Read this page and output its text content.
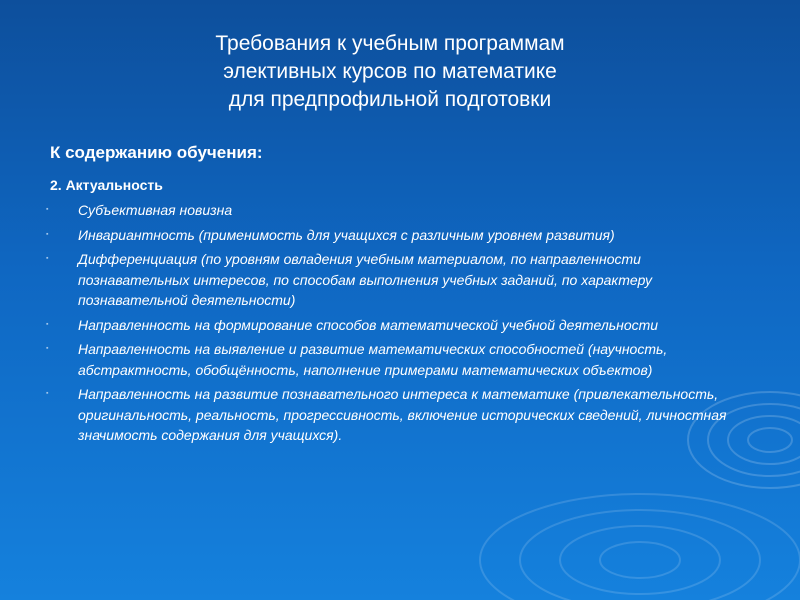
Требования к учебным программам
элективных курсов по математике
для предпрофильной подготовки
К содержанию обучения:
2. Актуальность
▪ Субъективная новизна
▪ Инвариантность (применимость для учащихся с различным уровнем развития)
▪ Дифференциация (по уровням овладения учебным материалом, по направленности познавательных интересов, по способам выполнения учебных заданий, по характеру познавательной деятельности)
▪ Направленность на формирование способов математической учебной деятельности
▪ Направленность на выявление и развитие математических способностей (научность, абстрактность, обобщённость, наполнение примерами математических объектов)
▪ Направленность на развитие познавательного интереса к математике (привлекательность, оригинальность, реальность, прогрессивность, включение исторических сведений, личностная значимость содержания для учащихся).
